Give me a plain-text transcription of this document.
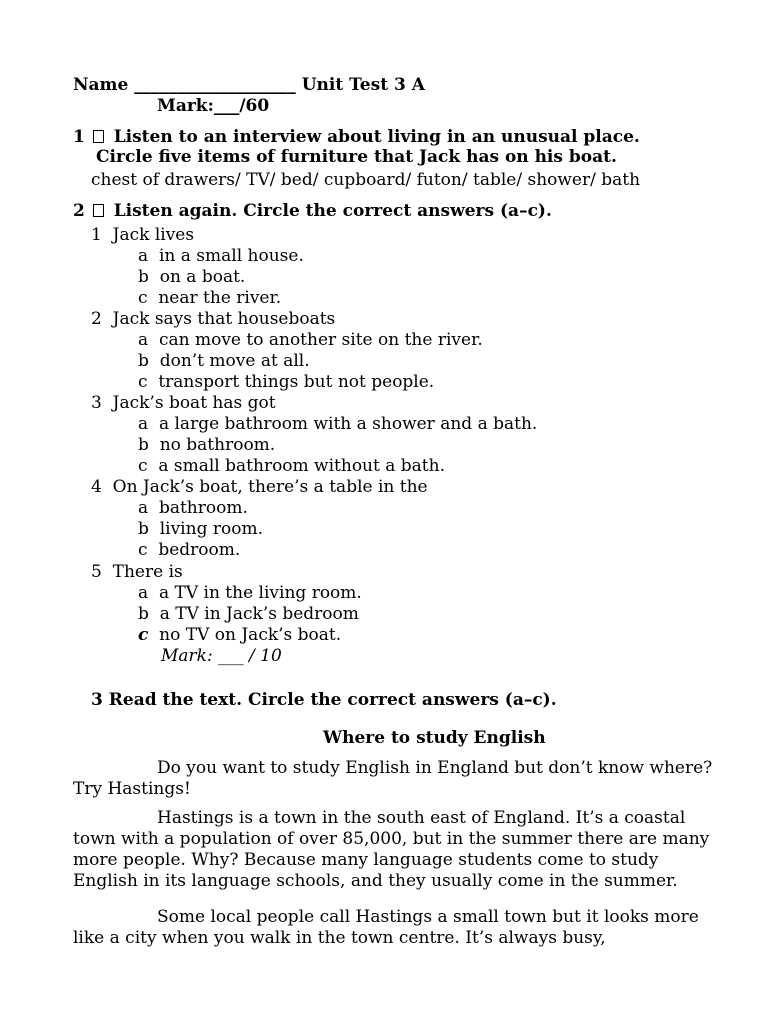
Name ___________________ Unit Test 3 A
Mark:___/60
1 Listen to an interview about living in an unusual place.
Circle five items of furniture that Jack has on his boat.
chest of drawers/ TV/ bed/ cupboard/ futon/ table/ shower/ bath
2 Listen again. Circle the correct answers (a–c).
1 Jack lives
a in a small house.
b on a boat.
c near the river.
2 Jack says that houseboats
a can move to another site on the river.
b don’t move at all.
c transport things but not people.
3 Jack’s boat has got
a a large bathroom with a shower and a bath.
b no bathroom.
c a small bathroom without a bath.
4 On Jack’s boat, there’s a table in the
a bathroom.
b living room.
c bedroom.
5 There is
a a TV in the living room.
b a TV in Jack’s bedroom
c no TV on Jack’s boat.
Mark: ___ / 10
3 Read the text. Circle the correct answers (a–c).
Where to study English
Do you want to study English in England but don’t know where? Try Hastings!
Hastings is a town in the south east of England. It’s a coastal town with a population of over 85,000, but in the summer there are many more people. Why? Because many language students come to study English in its language schools, and they usually come in the summer.
Some local people call Hastings a small town but it looks more like a city when you walk in the town centre. It’s always busy,
